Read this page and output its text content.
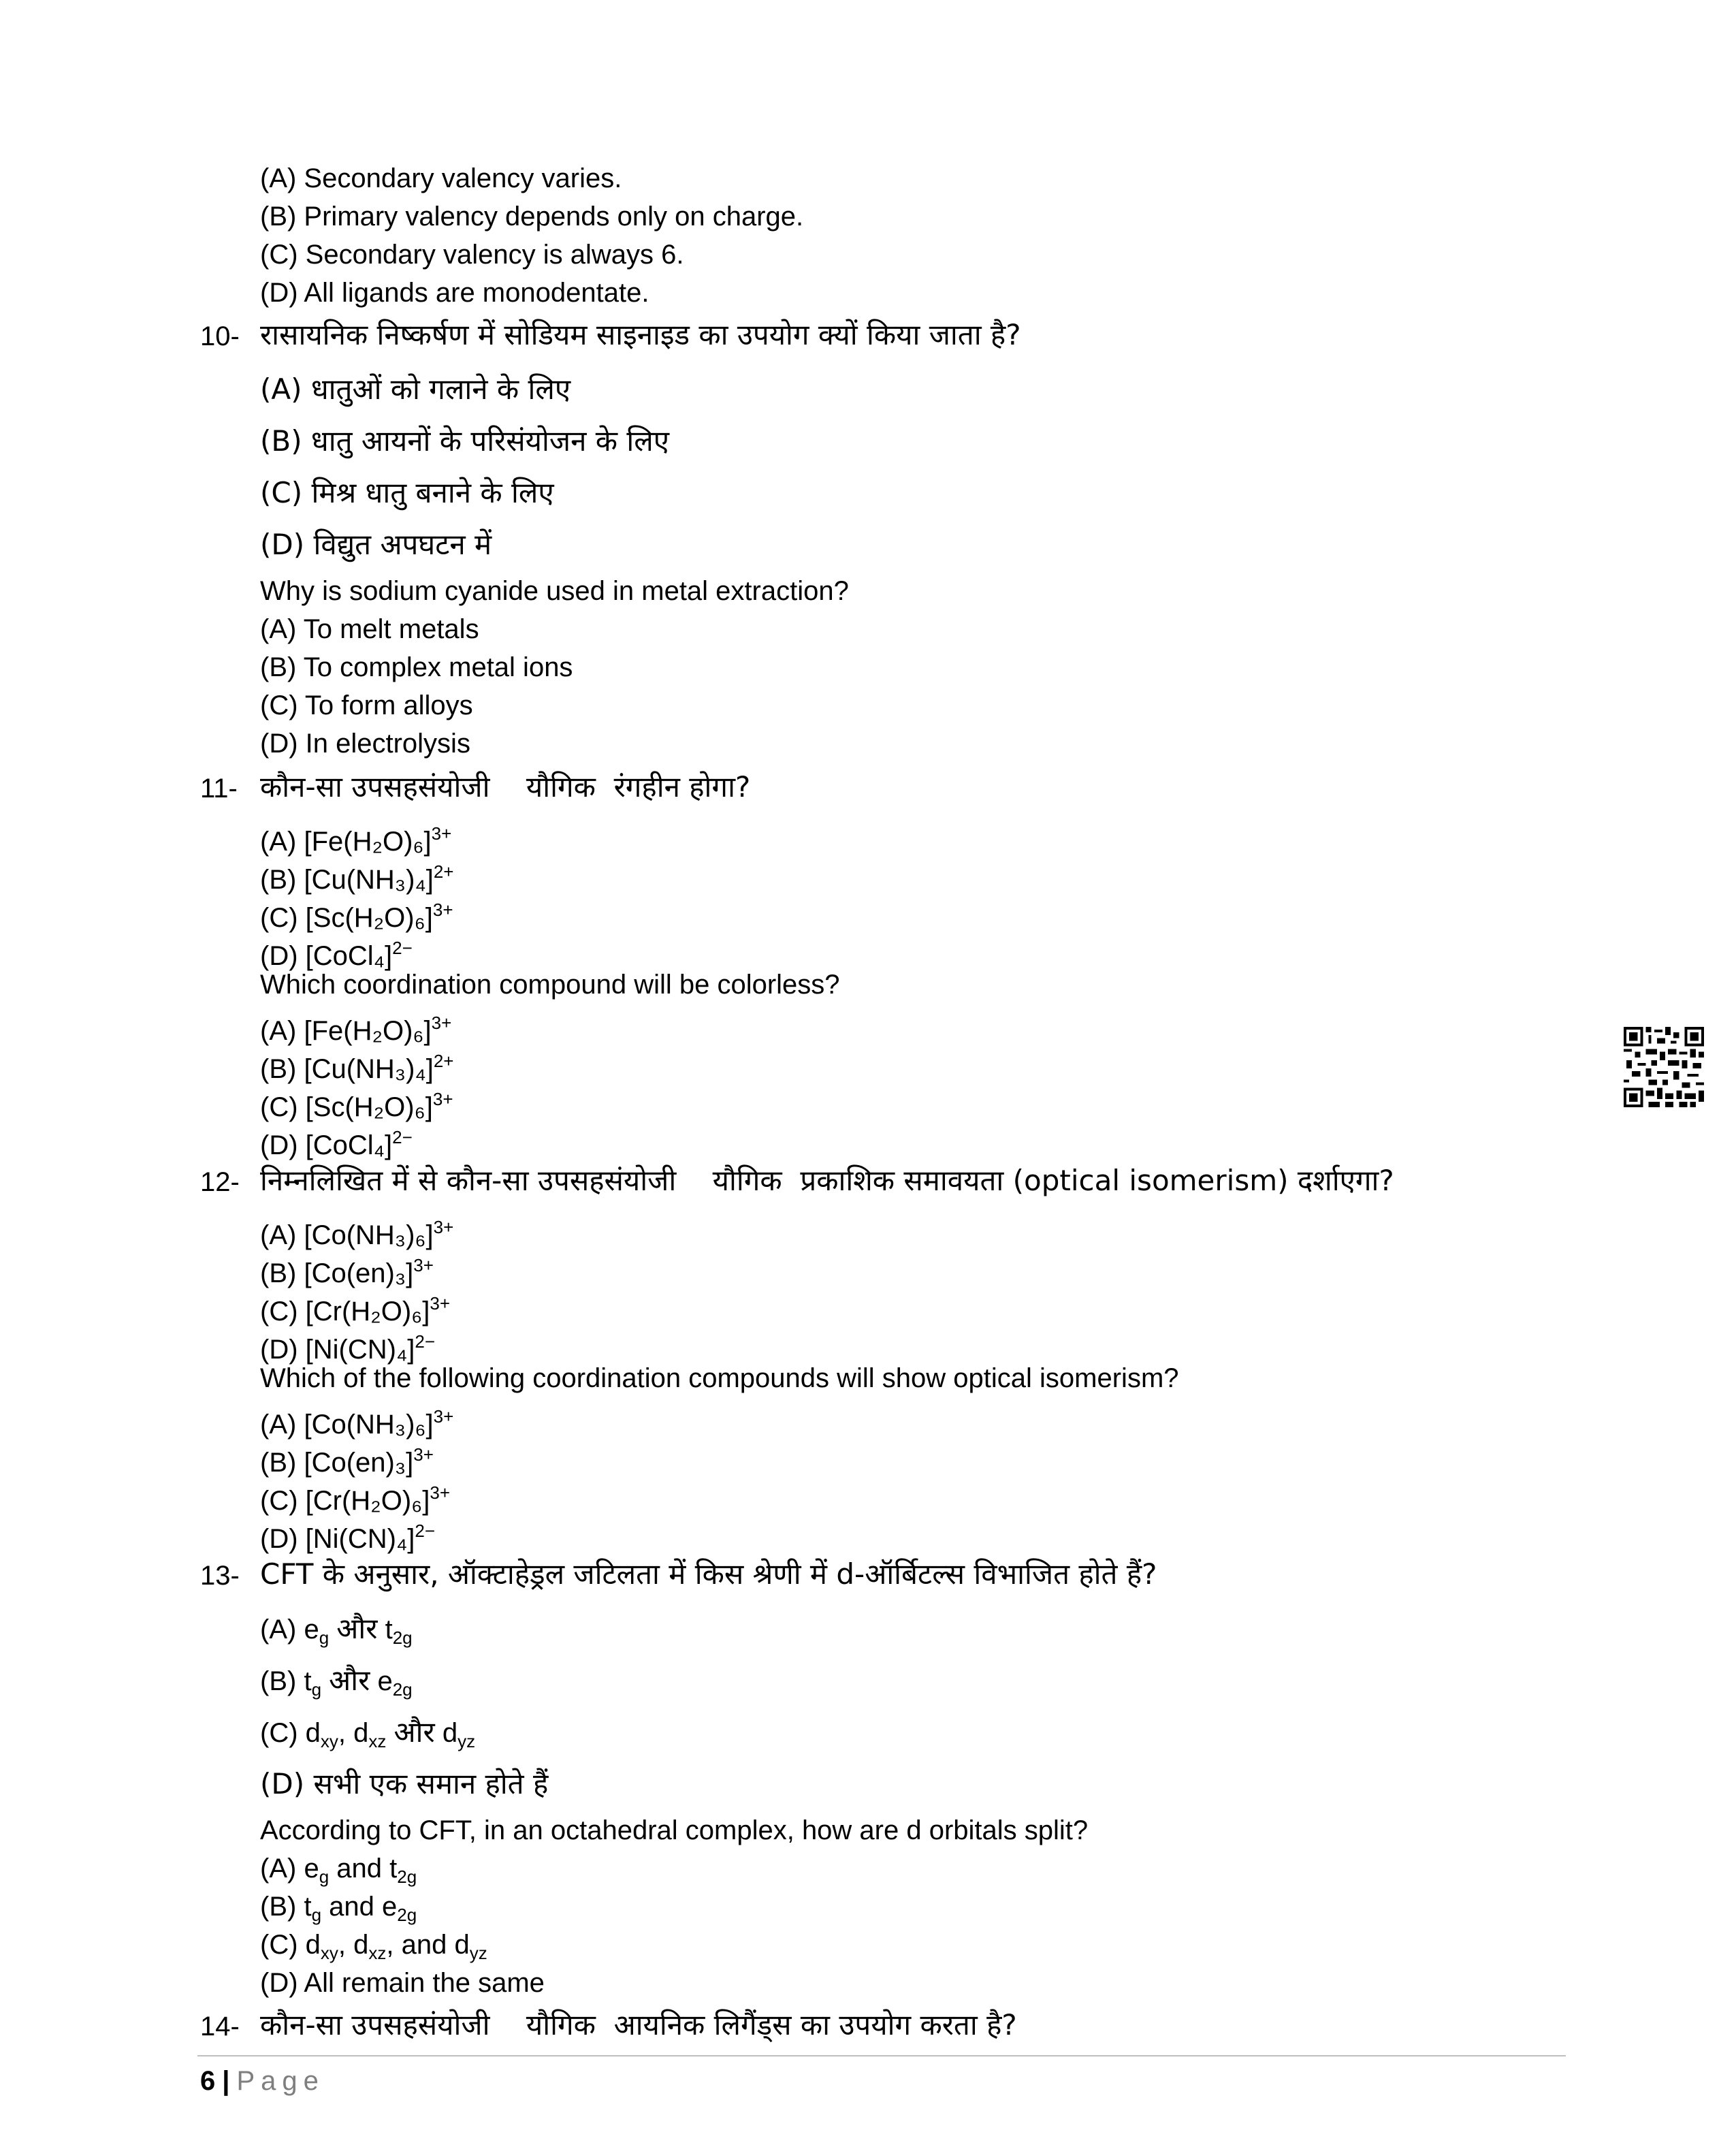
(A) Secondary valency varies.
(B) Primary valency depends only on charge.
(C) Secondary valency is always 6.
(D) All ligands are monodentate.
10- रासायनिक निष्कर्षण में सोडियम साइनाइड का उपयोग क्यों किया जाता है?
(A) धातुओं को गलाने के लिए
(B) धातु आयनों के परिसंयोजन के लिए
(C) मिश्र धातु बनाने के लिए
(D) विद्युत अपघटन में
Why is sodium cyanide used in metal extraction?
(A) To melt metals
(B) To complex metal ions
(C) To form alloys
(D) In electrolysis
11- कौन-सा उपसहसंयोजी    यौगिक  रंगहीन होगा?
(A) $[Fe(H_2O)_6]^{3+}$
(B) $[Cu(NH_3)_4]^{2+}$
(C) $[Sc(H_2O)_6]^{3+}$
(D) [CoCl₄]$^{2-}$
Which coordination compound will be colorless?
(A) $[Fe(H_2O)_6]^{3+}$
(B) $[Cu(NH_3)_4]^{2+}$
(C) $[Sc(H_2O)_6]^{3+}$
(D) [CoCl₄]$^{2-}$
12- निम्नलिखित में से कौन-सा उपसहसंयोजी    यौगिक  प्रकाशिक समावयता (optical isomerism) दर्शाएगा?
(A) $[Co(NH_3)_6]^{3+}$
(B) $[Co(en)_3]^{3+}$
(C) $[Cr(H_2O)_6]^{3+}$
(D) $[Ni(CN)_4]^{2-}$
Which of the following coordination compounds will show optical isomerism?
(A) $[Co(NH_3)_6]^{3+}$
(B) $[Co(en)_3]^{3+}$
(C) $[Cr(H_2O)_6]^{3+}$
(D) $[Ni(CN)_4]^{2-}$
13- CFT के अनुसार, ऑक्टाहेड्रल जटिलता में किस श्रेणी में d-ऑर्बिटल्स विभाजित होते हैं?
(A) $e_g$ और $t_{2g}$
(B) $t_g$ और $e_{2g}$
(C) $d_{xy}$, $d_{xz}$ और $d_{yz}$
(D) सभी एक समान होते हैं
According to CFT, in an octahedral complex, how are d orbitals split?
(A) $e_g$ and $t_{2g}$
(B) $t_g$ and $e_{2g}$
(C) $d_{xy}$, $d_{xz}$, and $d_{yz}$
(D) All remain the same
14- कौन-सा उपसहसंयोजी    यौगिक  आयनिक लिगैंड्स का उपयोग करता है?
6 | Page
